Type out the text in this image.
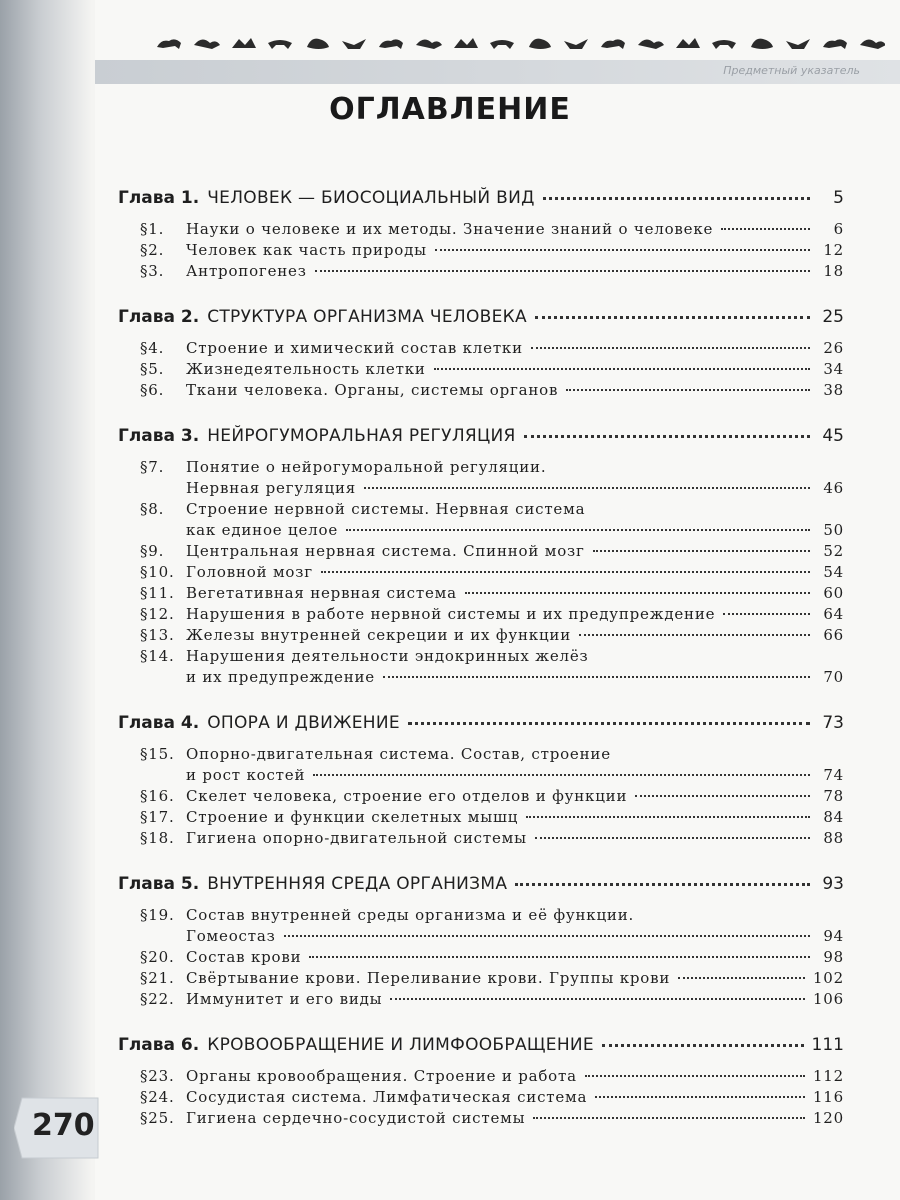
Предметный указатель
ОГЛАВЛЕНИЕ
Глава 1. ЧЕЛОВЕК — БИОСОЦИАЛЬНЫЙ ВИД	5
§1.	Науки о человеке и их методы. Значение знаний о человеке	6
§2.	Человек как часть природы	12
§3.	Антропогенез	18
Глава 2. СТРУКТУРА ОРГАНИЗМА ЧЕЛОВЕКА	25
§4.	Строение и химический состав клетки	26
§5.	Жизнедеятельность клетки	34
§6.	Ткани человека. Органы, системы органов	38
Глава 3. НЕЙРОГУМОРАЛЬНАЯ РЕГУЛЯЦИЯ	45
§7.	Понятие о нейрогуморальной регуляции.
Нервная регуляция	46
§8.	Строение нервной системы. Нервная система
как единое целое	50
§9.	Центральная нервная система. Спинной мозг	52
§10. Головной мозг	54
§11. Вегетативная нервная система	60
§12. Нарушения в работе нервной системы и их предупреждение	64
§13. Железы внутренней секреции и их функции	66
§14. Нарушения деятельности эндокринных желёз
и их предупреждение	70
Глава 4. ОПОРА И ДВИЖЕНИЕ	73
§15. Опорно-двигательная система. Состав, строение
и рост костей	74
§16. Скелет человека, строение его отделов и функции	78
§17. Строение и функции скелетных мышц	84
§18. Гигиена опорно-двигательной системы	88
Глава 5. ВНУТРЕННЯЯ СРЕДА ОРГАНИЗМА	93
§19. Состав внутренней среды организма и её функции.
Гомеостаз	94
§20. Состав крови	98
§21. Свёртывание крови. Переливание крови. Группы крови	102
§22. Иммунитет и его виды	106
Глава 6. КРОВООБРАЩЕНИЕ И ЛИМФООБРАЩЕНИЕ	111
§23. Органы кровообращения. Строение и работа	112
§24. Сосудистая система. Лимфатическая система	116
§25. Гигиена сердечно-сосудистой системы	120
270
